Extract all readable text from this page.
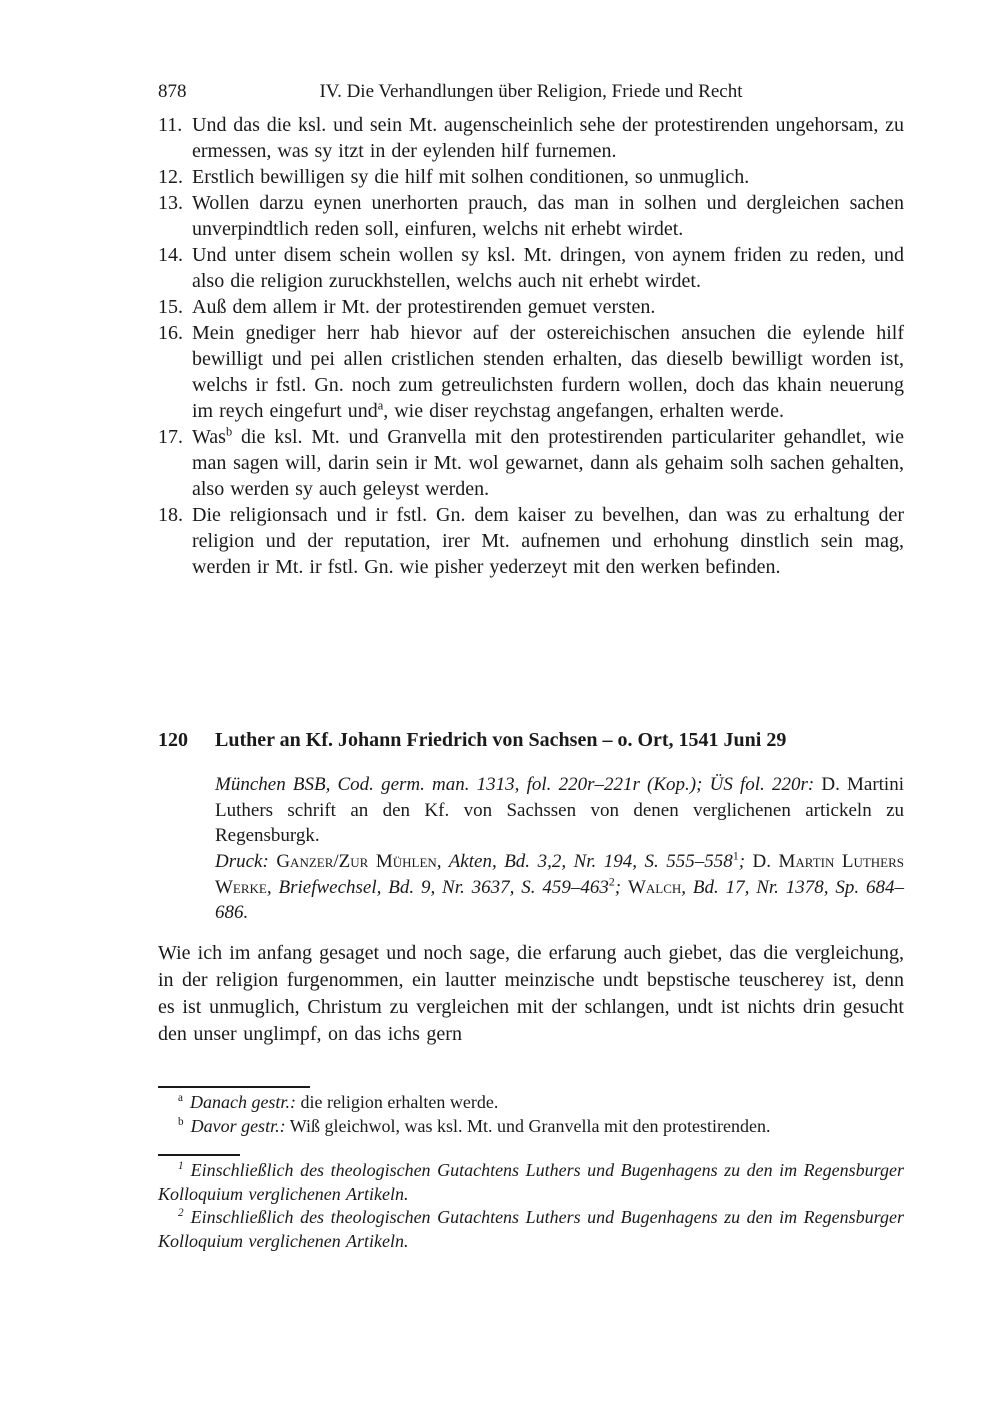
878	IV. Die Verhandlungen über Religion, Friede und Recht
11. Und das die ksl. und sein Mt. augenscheinlich sehe der protestirenden ungehorsam, zu ermessen, was sy itzt in der eylenden hilf furnemen.
12. Erstlich bewilligen sy die hilf mit solhen conditionen, so unmuglich.
13. Wollen darzu eynen unerhorten prauch, das man in solhen und dergleichen sachen unverpindtlich reden soll, einfuren, welchs nit erhebt wirdet.
14. Und unter disem schein wollen sy ksl. Mt. dringen, von aynem friden zu reden, und also die religion zuruckhstellen, welchs auch nit erhebt wirdet.
15. Auß dem allem ir Mt. der protestirenden gemuet versten.
16. Mein gnediger herr hab hievor auf der ostereichischen ansuchen die eylende hilf bewilligt und pei allen cristlichen stenden erhalten, das dieselb bewilligt worden ist, welchs ir fstl. Gn. noch zum getreulichsten furdern wollen, doch das khain neuerung im reych eingefurt und$^a$, wie diser reychstag angefangen, erhalten werde.
17. Was$^b$ die ksl. Mt. und Granvella mit den protestirenden particulariter gehandlet, wie man sagen will, darin sein ir Mt. wol gewarnet, dann als gehaim solh sachen gehalten, also werden sy auch geleyst werden.
18. Die religionsach und ir fstl. Gn. dem kaiser zu bevelhen, dan was zu erhaltung der religion und der reputation, irer Mt. aufnemen und erhohung dinstlich sein mag, werden ir Mt. ir fstl. Gn. wie pisher yederzeyt mit den werken befinden.
120 Luther an Kf. Johann Friedrich von Sachsen – o. Ort, 1541 Juni 29

München BSB, Cod. germ. man. 1313, fol. 220r–221r (Kop.); ÜS fol. 220r: D. Martini Luthers schrift an den Kf. von Sachssen von denen verglichenen artickeln zu Regensburgk.

Druck: Ganzer/Zur Mühlen, Akten, Bd. 3,2, Nr. 194, S. $555-558^1$; D. Martin Luthers Werke, Briefwechsel, Bd. 9, Nr. 3637, S. $459-463^2$; Walch, Bd. 17, Nr. 1378, Sp. 684–686.

Wie ich im anfang gesaget und noch sage, die erfarung auch giebet, das die vergleichung, in der religion furgenommen, ein lautter meinzische undt bepstische teuscherey ist, denn es ist unmuglich, Christum zu vergleichen mit der schlangen, undt ist nichts drin gesucht den unser unglimpf, on das ichs gern

$^a$ Danach gestr.: die religion erhalten werde.

$^b$ Davor gestr.: Wiß gleichwol, was ksl. Mt. und Granvella mit den protestirenden.

$^1$ Einschließlich des theologischen Gutachtens Luthers und Bugenhagens zu den im Regensburger Kolloquium verglichenen Artikeln.

$^2$ Einschließlich des theologischen Gutachtens Luthers und Bugenhagens zu den im Regensburger Kolloquium verglichenen Artikeln.
